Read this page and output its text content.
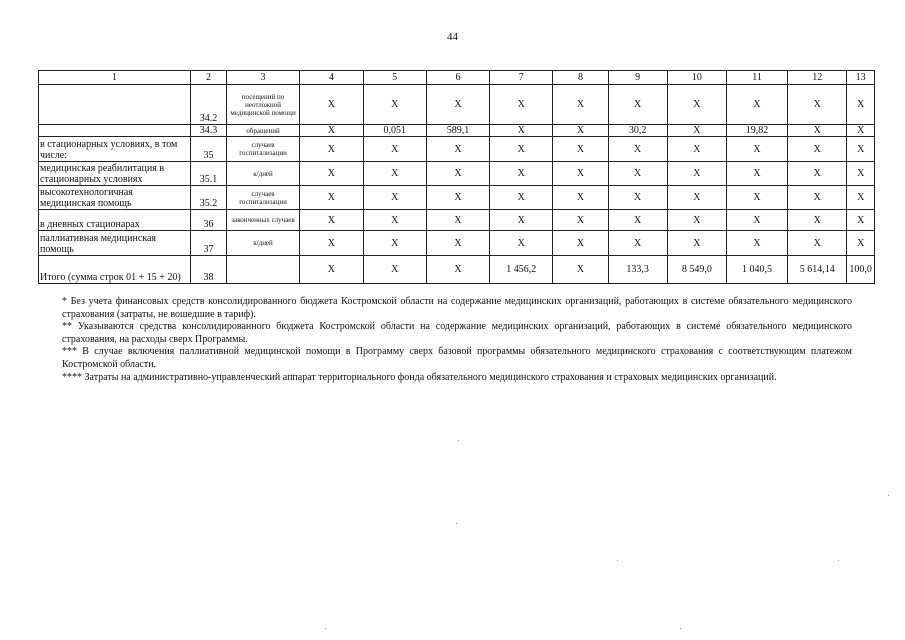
44
1	2	3	4	5	6	7	8	9	10	11	12	13
	34.2	посещений по неотложной медицинской помощи	X	X	X	X	X	X	X	X	X	X
	34.3	обращений	X	0,051	589,1	X	X	30,2	X	19,82	X	X
в стационарных условиях, в том числе:	35	случаев госпитализации	X	X	X	X	X	X	X	X	X	X
медицинская реабилитация в стационарных условиях	35.1	к/дней	X	X	X	X	X	X	X	X	X	X
высокотехнологичная медицинская помощь	35.2	случаев госпитализации	X	X	X	X	X	X	X	X	X	X
в дневных стационарах	36	законченных случаев	X	X	X	X	X	X	X	X	X	X
паллиативная медицинская помощь	37	к/дней	X	X	X	X	X	X	X	X	X	X
Итого (сумма строк 01 + 15 + 20)	38		X	X	X	1 456,2	X	133,3	8 549,0	1 040,5	5 614,14	100,0

* Без учета финансовых средств консолидированного бюджета Костромской области на содержание медицинских организаций, работающих в системе обязательного медицинского страхования (затраты, не вошедшие в тариф).

** Указываются средства консолидированного бюджета Костромской области на содержание медицинских организаций, работающих в системе обязательного медицинского страхования, на расходы сверх Программы.

*** В случае включения паллиативной медицинской помощи в Программу сверх базовой программы обязательного медицинского страхования с соответствующим платежом Костромской области.

**** Затраты на административно-управленческий аппарат территориального фонда обязательного медицинского страхования и страховых медицинских организаций.
